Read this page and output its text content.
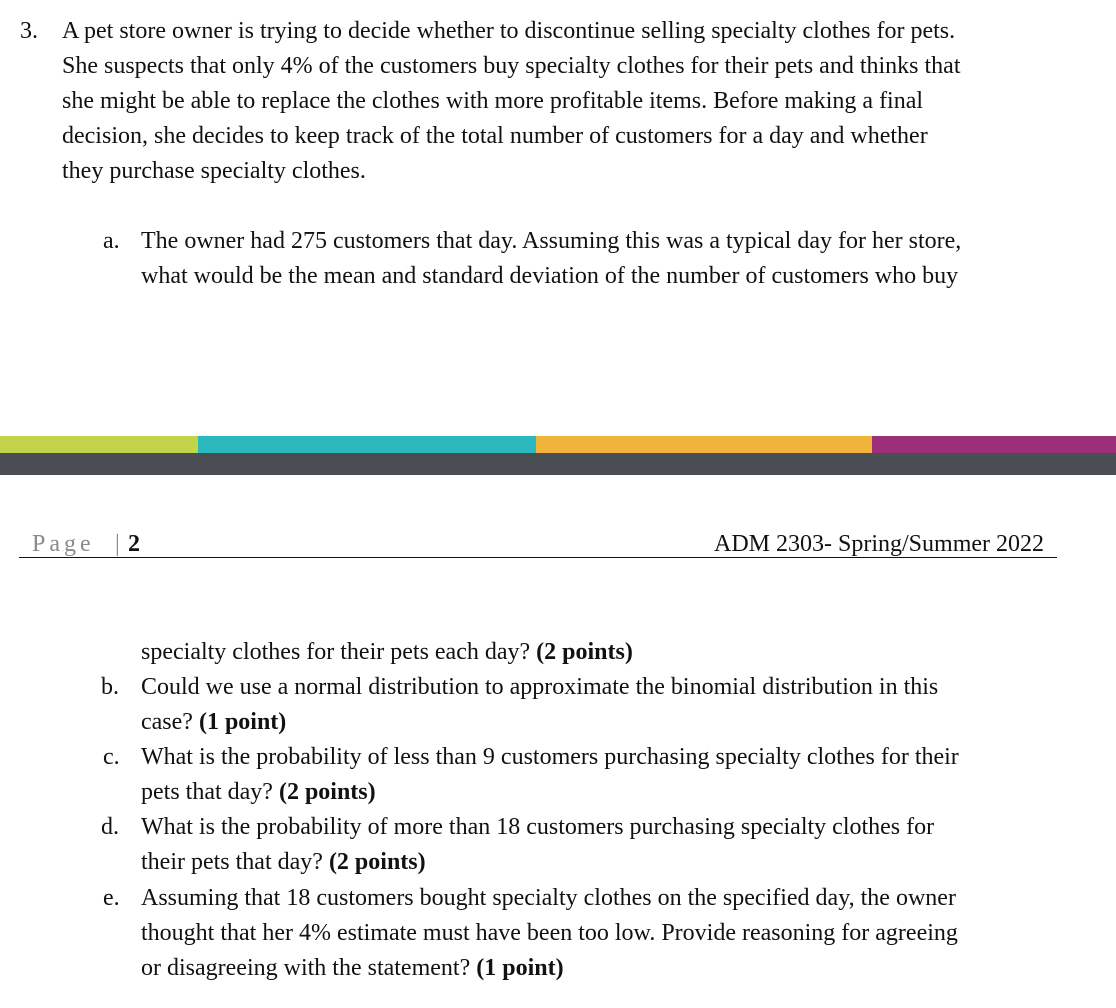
3. A pet store owner is trying to decide whether to discontinue selling specialty clothes for pets.
She suspects that only 4% of the customers buy specialty clothes for their pets and thinks that
she might be able to replace the clothes with more profitable items. Before making a final
decision, she decides to keep track of the total number of customers for a day and whether
they purchase specialty clothes.
a. The owner had 275 customers that day. Assuming this was a typical day for her store,
what would be the mean and standard deviation of the number of customers who buy
Page | 2	ADM 2303- Spring/Summer 2022
specialty clothes for their pets each day? (2 points)
b. Could we use a normal distribution to approximate the binomial distribution in this
case? (1 point)
c. What is the probability of less than 9 customers purchasing specialty clothes for their
pets that day? (2 points)
d. What is the probability of more than 18 customers purchasing specialty clothes for
their pets that day? (2 points)
e. Assuming that 18 customers bought specialty clothes on the specified day, the owner
thought that her 4% estimate must have been too low. Provide reasoning for agreeing
or disagreeing with the statement? (1 point)
